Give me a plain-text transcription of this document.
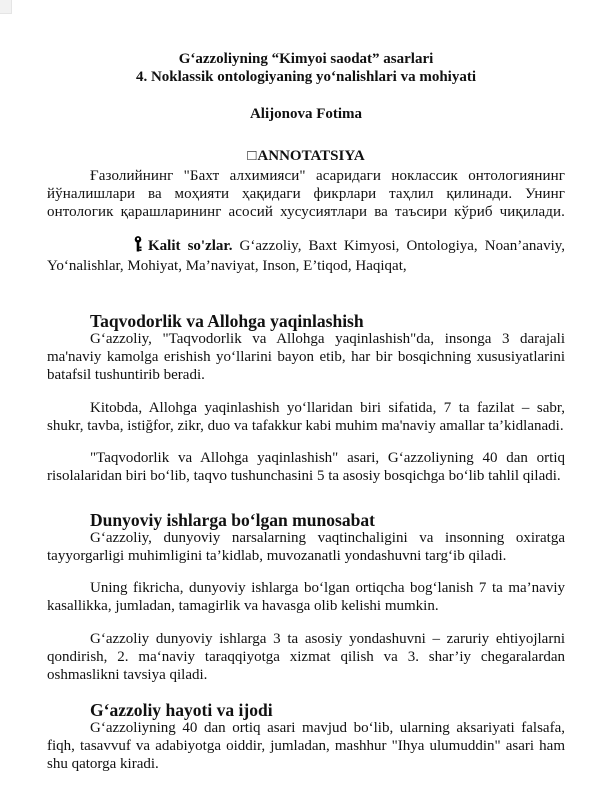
G‘azzoliyning “Kimyoi saodat” asarlari

4. Noklassik ontologiyaning yo‘nalishlari va mohiyati

Alijonova Fotima

□ANNOTATSIYA

Ғазолийнинг "Бахт алхимияси" асаридаги ноклассик онтологиянинг йўналишлари ва моҳияти ҳақидаги фикрлари таҳлил қилинади. Унинг онтологик қарашларининг асосий хусусиятлари ва таъсири кўриб чиқилади.

Kalit so'zlar. G‘azzoliy, Baxt Kimyosi, Ontologiya, Noan’anaviy, Yo‘nalishlar, Mohiyat, Ma’naviyat, Inson, E’tiqod, Haqiqat,

Taqvodorlik va Allohga yaqinlashish

G‘azzoliy, "Taqvodorlik va Allohga yaqinlashish"da, insonga 3 darajali ma'naviy kamolga erishish yo‘llarini bayon etib, har bir bosqichning xususiyatlarini batafsil tushuntirib beradi.

Kitobda, Allohga yaqinlashish yo‘llaridan biri sifatida, 7 ta fazilat – sabr, shukr, tavba, istiğfor, zikr, duo va tafakkur kabi muhim ma'naviy amallar ta’kidlanadi.

"Taqvodorlik va Allohga yaqinlashish" asari, G‘azzoliyning 40 dan ortiq risolalaridan biri bo‘lib, taqvo tushunchasini 5 ta asosiy bosqichga bo‘lib tahlil qiladi.

Dunyoviy ishlarga bo‘lgan munosabat

G‘azzoliy, dunyoviy narsalarning vaqtinchaligini va insonning oxiratga tayyorgarligi muhimligini ta’kidlab, muvozanatli yondashuvni targ‘ib qiladi.

Uning fikricha, dunyoviy ishlarga bo‘lgan ortiqcha bog‘lanish 7 ta ma’naviy kasallikka, jumladan, tamagirlik va havasga olib kelishi mumkin.

G‘azzoliy dunyoviy ishlarga 3 ta asosiy yondashuvni – zaruriy ehtiyojlarni qondirish, 2. ma‘naviy taraqqiyotga xizmat qilish va 3. shar’iy chegaralardan oshmaslikni tavsiya qiladi.

G‘azzoliy hayoti va ijodi

G‘azzoliyning 40 dan ortiq asari mavjud bo‘lib, ularning aksariyati falsafa, fiqh, tasavvuf va adabiyotga oiddir, jumladan, mashhur "Ihya ulumuddin" asari ham shu qatorga kiradi.
